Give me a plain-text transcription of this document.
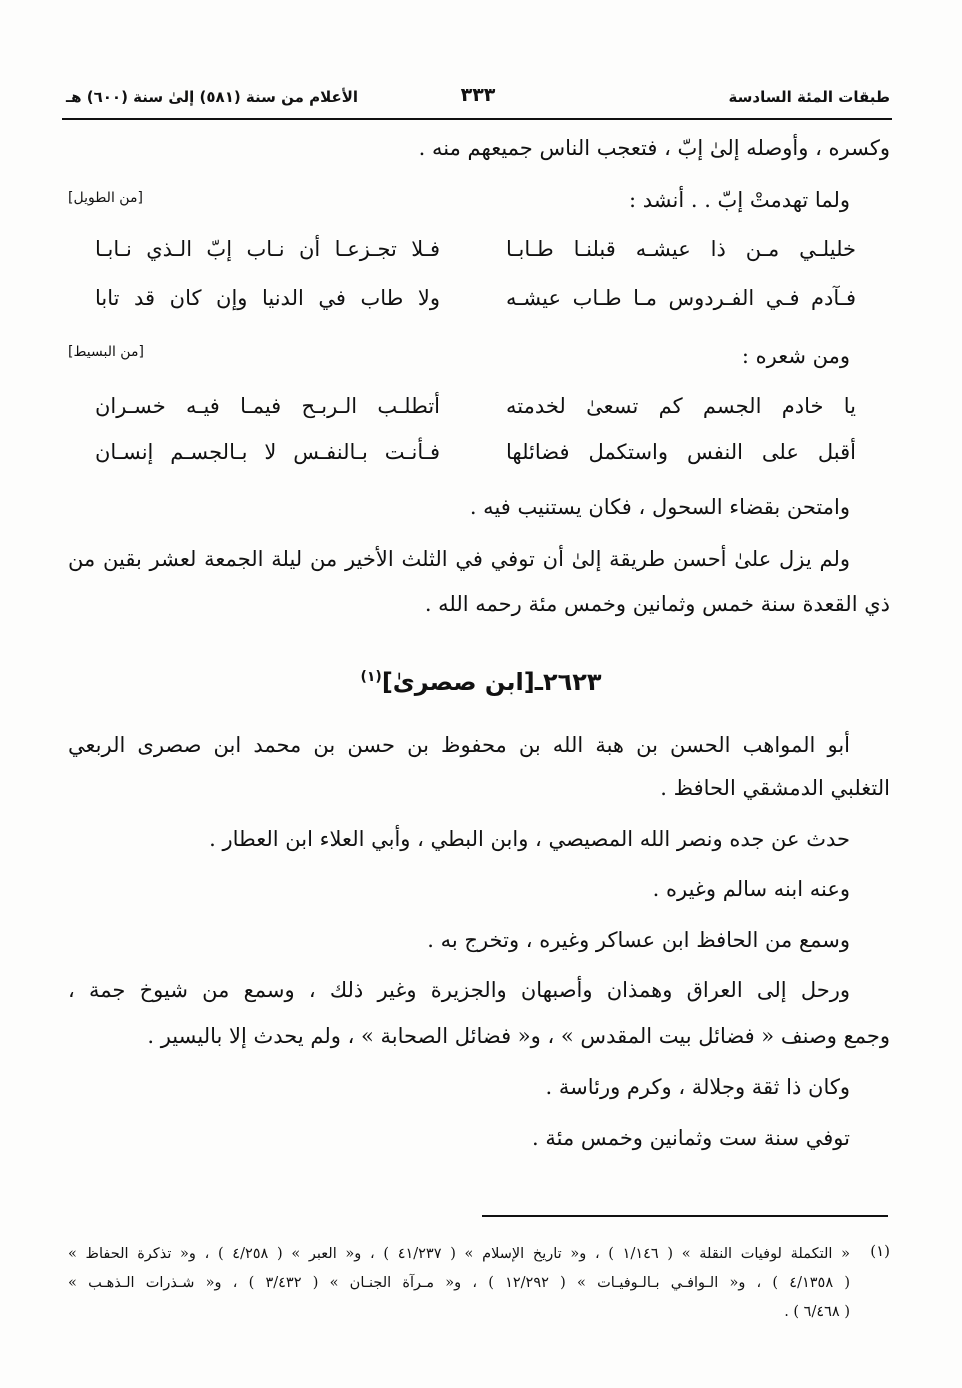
طبقات المئة السادسة
٣٣٣
الأعلام من سنة (٥٨١) إلىٰ سنة (٦٠٠) هـ
وكسره ، وأوصله إلىٰ إبّ ، فتعجب الناس جميعهم منه .
ولما تهدمتْ إبّ . . أنشد :
[من الطويل]
خليلـي مـن ذا عيشـه قبلنـا طـابـا
فـلا تجـزعـا أن نـاب إبّ الـذي نـابـا
فـآدم فـي الفـردوس مـا طـاب عيشـه
ولا طاب في الدنيا وإن كان قد تابا
ومن شعره :
[من البسيط]
يا خادم الجسم كم تسعىٰ لخدمته
أتطلـب الـربـح فيمـا فيـه خسـران
أقبل على النفس واستكمل فضائلها
فـأنـت بـالنفـس لا بـالجسـم إنسـان
وامتحن بقضاء السحول ، فكان يستنيب فيه .
ولم يزل علىٰ أحسن طريقة إلىٰ أن توفي في الثلث الأخير من ليلة الجمعة لعشر بقين من
ذي القعدة سنة خمس وثمانين وخمس مئة رحمه الله .
٢٦٢٣ـ[ابن صصرىٰ]$^{(١)}$
أبو المواهب الحسن بن هبة الله بن محفوظ بن حسن بن محمد ابن صصرى الربعي
التغلبي الدمشقي الحافظ .
حدث عن جده ونصر الله المصيصي ، وابن البطي ، وأبي العلاء ابن العطار .
وعنه ابنه سالم وغيره .
وسمع من الحافظ ابن عساكر وغيره ، وتخرج به .
ورحل إلى العراق وهمذان وأصبهان والجزيرة وغير ذلك ، وسمع من شيوخ جمة ،
وجمع وصنف « فضائل بيت المقدس » ، و« فضائل الصحابة » ، ولم يحدث إلا باليسير .
وكان ذا ثقة وجلالة ، وكرم ورئاسة .
توفي سنة ست وثمانين وخمس مئة .
(١)
« التكملة لوفيات النقلة » ( ١/١٤٦ ) ، و« تاريخ الإسلام » ( ٤١/٢٣٧ ) ، و« العبر » ( ٤/٢٥٨ ) ، و« تذكرة الحفاظ »
( ٤/١٣٥٨ ) ، و« الـوافـي بـالـوفيـات » ( ١٢/٢٩٢ ) ، و« مـرآة الجنـان » ( ٣/٤٣٢ ) ، و« شـذرات الـذهـب »
( ٦/٤٦٨ ) .
